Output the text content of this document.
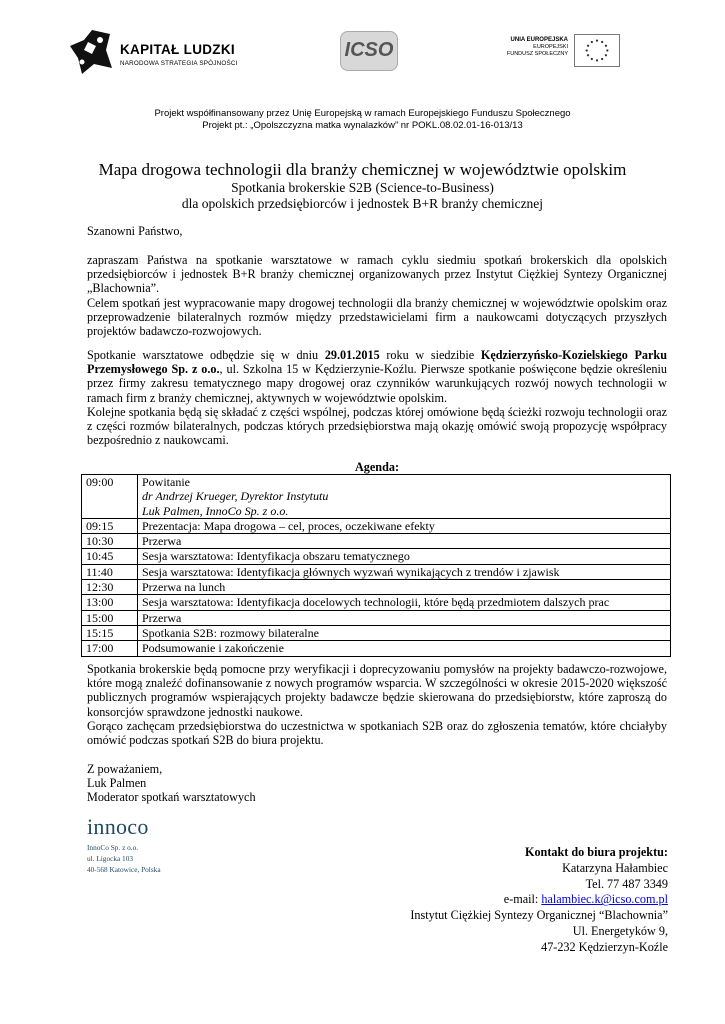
KAPITAŁ LUDZKI
NARODOWA STRATEGIA SPÓJNOŚCI
ICSO	UNIA EUROPEJSKA
EUROPEJSKI
FUNDUSZ SPOŁECZNY
Projekt współfinansowany przez Unię Europejską w ramach Europejskiego Funduszu Społecznego
Projekt pt.: „Opolszczyzna matka wynalazków” nr POKL.08.02.01-16-013/13
Mapa drogowa technologii dla branży chemicznej w województwie opolskim
Spotkania brokerskie S2B (Science-to-Business)
dla opolskich przedsiębiorców i jednostek B+R branży chemicznej
Szanowni Państwo,
zapraszam Państwa na spotkanie warsztatowe w ramach cyklu siedmiu spotkań brokerskich dla opolskich przedsiębiorców i jednostek B+R branży chemicznej organizowanych przez Instytut Ciężkiej Syntezy Organicznej „Blachownia”.
Celem spotkań jest wypracowanie mapy drogowej technologii dla branży chemicznej w województwie opolskim oraz przeprowadzenie bilateralnych rozmów między przedstawicielami firm a naukowcami dotyczących przyszłych projektów badawczo-rozwojowych.
Spotkanie warsztatowe odbędzie się w dniu 29.01.2015 roku w siedzibie Kędzierzyńsko-Kozielskiego Parku Przemysłowego Sp. z o.o., ul. Szkolna 15 w Kędzierzynie-Koźlu. Pierwsze spotkanie poświęcone będzie określeniu przez firmy zakresu tematycznego mapy drogowej oraz czynników warunkujących rozwój nowych technologii w ramach firm z branży chemicznej, aktywnych w województwie opolskim.
Kolejne spotkania będą się składać z części wspólnej, podczas której omówione będą ścieżki rozwoju technologii oraz z części rozmów bilateralnych, podczas których przedsiębiorstwa mają okazję omówić swoją propozycję współpracy bezpośrednio z naukowcami.
Agenda:
09:00	Powitanie
dr Andrzej Krueger, Dyrektor Instytutu
Luk Palmen, InnoCo Sp. z o.o.

09:15	Prezentacja: Mapa drogowa – cel, proces, oczekiwane efekty
10:30	Przerwa
10:45	Sesja warsztatowa: Identyfikacja obszaru tematycznego
11:40	Sesja warsztatowa: Identyfikacja głównych wyzwań wynikających z trendów i zjawisk
12:30	Przerwa na lunch
13:00	Sesja warsztatowa: Identyfikacja docelowych technologii, które będą przedmiotem dalszych prac
15:00	Przerwa
15:15	Spotkania S2B: rozmowy bilateralne
17:00	Podsumowanie i zakończenie
Spotkania brokerskie będą pomocne przy weryfikacji i doprecyzowaniu pomysłów na projekty badawczo-rozwojowe, które mogą znaleźć dofinansowanie z nowych programów wsparcia. W szczególności w okresie 2015-2020 większość publicznych programów wspierających projekty badawcze będzie skierowana do przedsiębiorstw, które zaproszą do konsorcjów sprawdzone jednostki naukowe.
Gorąco zachęcam przedsiębiorstwa do uczestnictwa w spotkaniach S2B oraz do zgłoszenia tematów, które chciałyby omówić podczas spotkań S2B do biura projektu.
Z poważaniem,
Luk Palmen
Moderator spotkań warsztatowych
innoco
InnoCo Sp. z o.o.
ul. Ligocka 103
40-568 Katowice, Polska
Kontakt do biura projektu:
Katarzyna Hałambiec
Tel. 77 487 3349
e-mail: halambiec.k@icso.com.pl
Instytut Ciężkiej Syntezy Organicznej “Blachownia”
Ul. Energetyków 9,
47-232 Kędzierzyn-Koźle
